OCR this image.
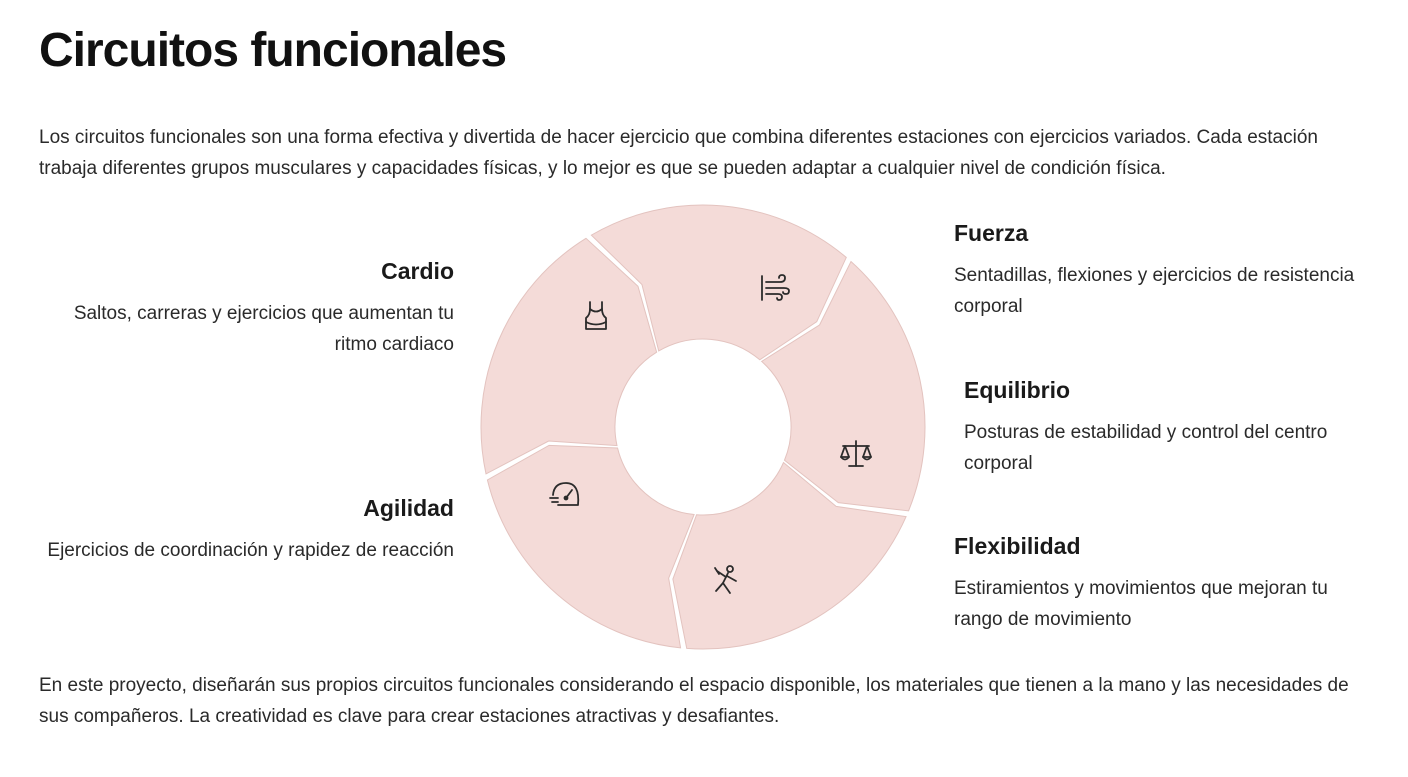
Circuitos funcionales

Los circuitos funcionales son una forma efectiva y divertida de hacer ejercicio que combina diferentes estaciones con ejercicios variados. Cada estación trabaja diferentes grupos musculares y capacidades físicas, y lo mejor es que se pueden adaptar a cualquier nivel de condición física.

Cardio

Saltos, carreras y ejercicios que aumentan tu ritmo cardiaco

Agilidad

Ejercicios de coordinación y rapidez de reacción

Fuerza

Sentadillas, flexiones y ejercicios de resistencia corporal

Equilibrio

Posturas de estabilidad y control del centro corporal

Flexibilidad

Estiramientos y movimientos que mejoran tu rango de movimiento

En este proyecto, diseñarán sus propios circuitos funcionales considerando el espacio disponible, los materiales que tienen a la mano y las necesidades de sus compañeros. La creatividad es clave para crear estaciones atractivas y desafiantes.
